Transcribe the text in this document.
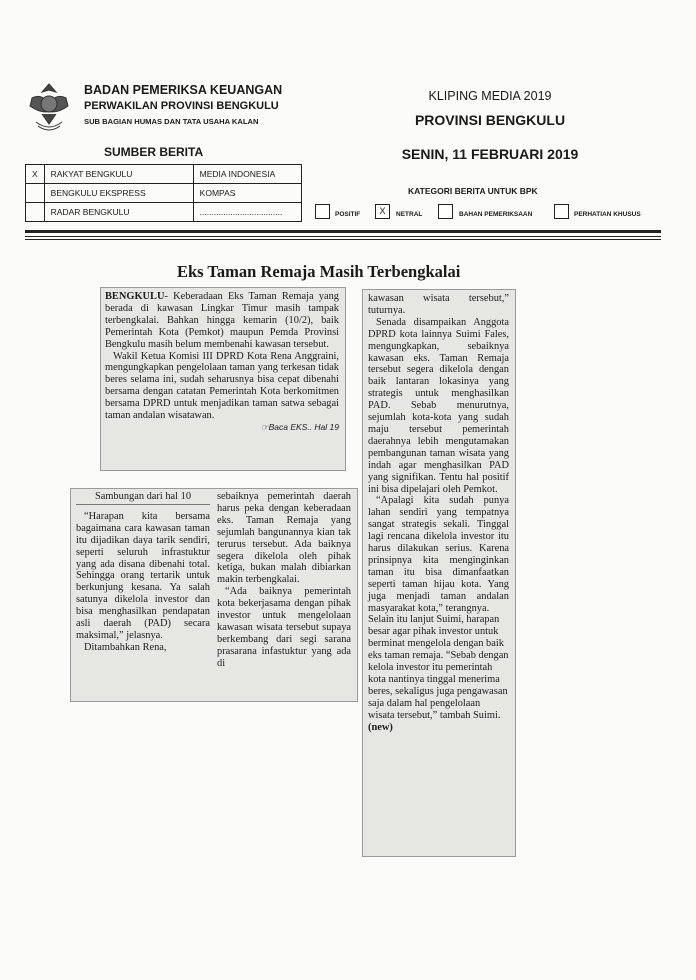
BADAN PEMERIKSA KEUANGAN
PERWAKILAN PROVINSI BENGKULU
SUB BAGIAN HUMAS DAN TATA USAHA KALAN
KLIPING MEDIA 2019
PROVINSI BENGKULU
SENIN, 11 FEBRUARI 2019
SUMBER BERITA
X	RAKYAT BENGKULU	MEDIA INDONESIA
	BENGKULU EKSPRESS	KOMPAS
	RADAR BENGKULU	...................................
KATEGORI BERITA UNTUK BPK
POSITIF	X	NETRAL	BAHAN PEMERIKSAAN	PERHATIAN KHUSUS
Eks Taman Remaja Masih Terbengkalai

BENGKULU- Keberadaan Eks Taman Remaja yang berada di kawasan Lingkar Timur masih tampak terbengkalai. Bahkan hingga kemarin (10/2), baik Pemerintah Kota (Pemkot) maupun Pemda Provinsi Bengkulu masih belum membenahi kawasan tersebut.

Wakil Ketua Komisi III DPRD Kota Rena Anggraini, mengungkapkan pengelolaan taman yang terkesan tidak beres selama ini, sudah seharusnya bisa cepat dibenahi bersama dengan catatan Pemerintah Kota berkomitmen bersama DPRD untuk menjadikan taman satwa sebagai taman andalan wisatawan.

☞Baca EKS.. Hal 19

Sambungan dari hal 10

“Harapan kita bersama bagaimana cara kawasan taman itu dijadikan daya tarik sendiri, seperti seluruh infrastuktur yang ada disana dibenahi total. Sehingga orang tertarik untuk berkunjung kesana. Ya salah satunya dikelola investor dan bisa menghasilkan pendapatan asli daerah (PAD) secara maksimal,” jelasnya.

Ditambahkan Rena,

sebaiknya pemerintah daerah harus peka dengan keberadaan eks. Taman Remaja yang sejumlah bangunannya kian tak terurus tersebut. Ada baiknya segera dikelola oleh pihak ketiga, bukan malah dibiarkan makin terbengkalai.

“Ada baiknya pemerintah kota bekerjasama dengan pihak investor untuk mengelolaan kawasan wisata tersebut supaya berkembang dari segi sarana prasarana infastuktur yang ada di

kawasan wisata tersebut,” tuturnya.

Senada disampaikan Anggota DPRD kota lainnya Suimi Fales, mengungkapkan, sebaiknya kawasan eks. Taman Remaja tersebut segera dikelola dengan baik lantaran lokasinya yang strategis untuk menghasilkan PAD. Sebab menurutnya, sejumlah kota-kota yang sudah maju tersebut pemerintah daerahnya lebih mengutamakan pembangunan taman wisata yang indah agar menghasilkan PAD yang signifikan. Tentu hal positif ini bisa dipelajari oleh Pemkot.

“Apalagi kita sudah punya lahan sendiri yang tempatnya sangat strategis sekali. Tinggal lagi rencana dikelola investor itu harus dilakukan serius. Karena prinsipnya kita menginginkan taman itu bisa dimanfaatkan seperti taman hijau kota. Yang juga menjadi taman andalan masyarakat kota,” terangnya.

Selain itu lanjut Suimi, harapan besar agar pihak investor untuk berminat mengelola dengan baik eks taman remaja. “Sebab dengan kelola investor itu pemerintah kota nantinya tinggal menerima beres, sekaligus juga pengawasan saja dalam hal pengelolaan wisata tersebut,” tambah Suimi.

(new)
